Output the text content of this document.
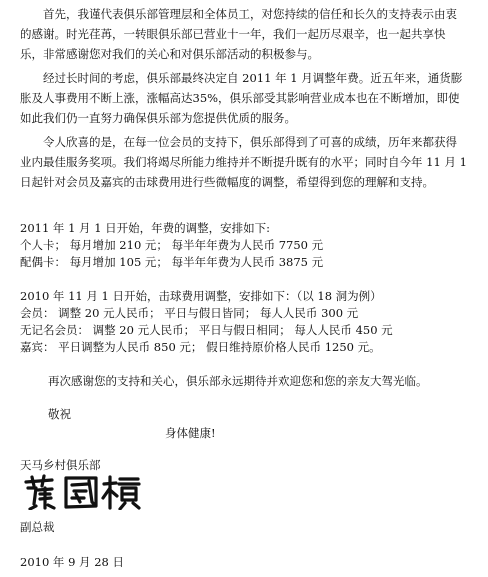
首先，我谨代表俱乐部管理层和全体员工，对您持续的信任和长久的支持表示由衷的感谢。时光荏苒，一转眼俱乐部已营业十一年，我们一起历尽艰辛，也一起共享快乐，非常感谢您对我们的关心和对俱乐部活动的积极参与。

经过长时间的考虑，俱乐部最终决定自 2011 年 1 月调整年费。近五年来，通货膨胀及人事费用不断上涨，涨幅高达35%，俱乐部受其影响营业成本也在不断增加，即使如此我们仍一直努力确保俱乐部为您提供优质的服务。

令人欣喜的是，在每一位会员的支持下，俱乐部得到了可喜的成绩，历年来都获得业内最佳服务奖项。我们将竭尽所能力维持并不断提升既有的水平；同时自今年 11 月 1 日起针对会员及嘉宾的击球费用进行些微幅度的调整，希望得到您的理解和支持。

2011 年 1 月 1 日开始，年费的调整，安排如下:
个人卡； 每月增加 210 元； 每半年年费为人民币 7750 元
配偶卡： 每月增加 105 元； 每半年年费为人民币 3875 元
2010 年 11 月 1 日开始，击球费用调整，安排如下：（以 18 洞为例）
会员： 调整 20 元人民币； 平日与假日皆同； 每人人民币 300 元
无记名会员： 调整 20 元人民币； 平日与假日相同； 每人人民币 450 元
嘉宾： 平日调整为人民币 850 元； 假日维持原价格人民币 1250 元。
再次感谢您的支持和关心，俱乐部永远期待并欢迎您和您的亲友大驾光临。
敬祝
身体健康!
天马乡村俱乐部
副总裁
2010 年 9 月 28 日
